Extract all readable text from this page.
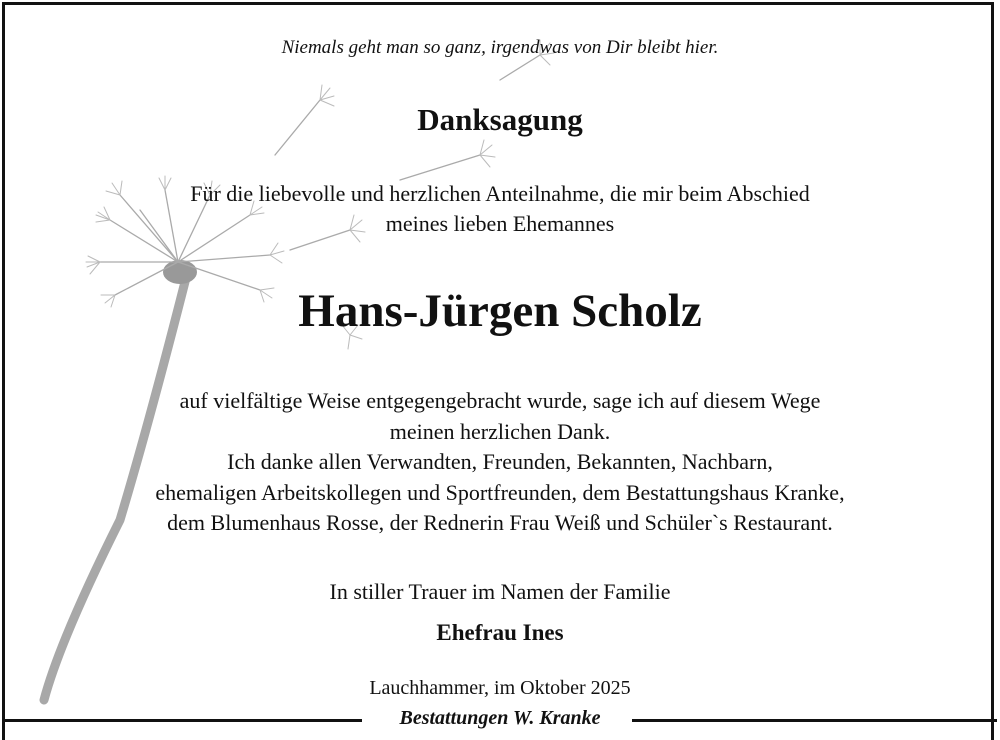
Niemals geht man so ganz, irgendwas von Dir bleibt hier.
Danksagung
Für die liebevolle und herzlichen Anteilnahme, die mir beim Abschied
meines lieben Ehemannes
Hans-Jürgen Scholz
auf vielfältige Weise entgegengebracht wurde, sage ich auf diesem Wege
meinen herzlichen Dank.
Ich danke allen Verwandten, Freunden, Bekannten, Nachbarn,
ehemaligen Arbeitskollegen und Sportfreunden, dem Bestattungshaus Kranke,
dem Blumenhaus Rosse, der Rednerin Frau Weiß und Schüler`s Restaurant.
In stiller Trauer im Namen der Familie
Ehefrau Ines
Lauchhammer, im Oktober 2025
Bestattungen W. Kranke
